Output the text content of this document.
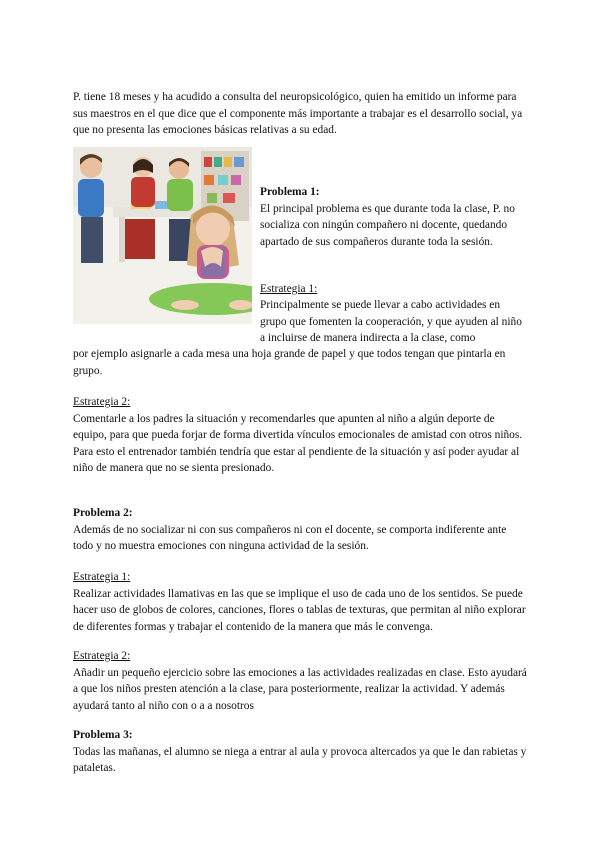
P. tiene 18 meses y ha acudido a consulta del neuropsicológico, quien ha emitido un informe para sus maestros en el que dice que el componente más importante a trabajar es el desarrollo social, ya que no presenta las emociones básicas relativas a su edad.

Problema 1:

El principal problema es que durante toda la clase, P. no socializa con ningún compañero ni docente, quedando apartado de sus compañeros durante toda la sesión.

Estrategia 1:

Principalmente se puede llevar a cabo actividades en grupo que fomenten la cooperación, y que ayuden al niño a incluirse de manera indirecta a la clase, como

por ejemplo asignarle a cada mesa una hoja grande de papel y que todos tengan que pintarla en grupo.

Estrategia 2:

Comentarle a los padres la situación y recomendarles que apunten al niño a algún deporte de equipo, para que pueda forjar de forma divertida vínculos emocionales de amistad con otros niños. Para esto el entrenador también tendría que estar al pendiente de la situación y así poder ayudar al niño de manera que no se sienta presionado.

Problema 2:

Además de no socializar ni con sus compañeros ni con el docente, se comporta indiferente ante todo y no muestra emociones con ninguna actividad de la sesión.

Estrategia 1:

Realizar actividades llamativas en las que se implique el uso de cada uno de los sentidos. Se puede hacer uso de globos de colores, canciones, flores o tablas de texturas, que permitan al niño explorar de diferentes formas y trabajar el contenido de la manera que más le convenga.

Estrategia 2:

Añadir un pequeño ejercicio sobre las emociones a las actividades realizadas en clase. Esto ayudará a que los niños presten atención a la clase, para posteriormente, realizar la actividad. Y además ayudará tanto al niño con o a a nosotros

Problema 3:

Todas las mañanas, el alumno se niega a entrar al aula y provoca altercados ya que le dan rabietas y pataletas.
